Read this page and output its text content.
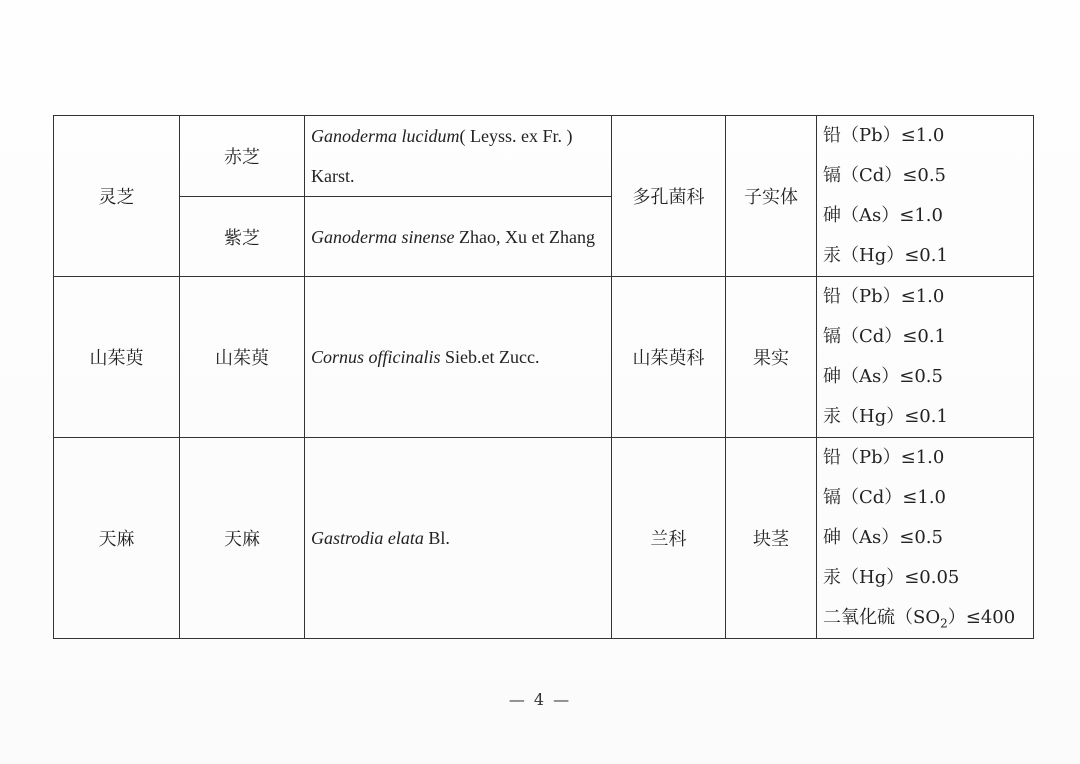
灵芝	赤芝	Ganoderma lucidum( Leyss. ex Fr. ) Karst.	多孔菌科	子实体	铅（Pb）≤1.0
镉（Cd）≤0.5
砷（As）≤1.0
汞（Hg）≤0.1

	紫芝	Ganoderma sinense Zhao, Xu et Zhang			
山茱萸	山茱萸	Cornus officinalis Sieb.et Zucc.	山茱萸科	果实	铅（Pb）≤1.0
镉（Cd）≤0.1
砷（As）≤0.5
汞（Hg）≤0.1

天麻	天麻	Gastrodia elata Bl.	兰科	块茎	铅（Pb）≤1.0
镉（Cd）≤1.0
砷（As）≤0.5
汞（Hg）≤0.05
二氧化硫$(SO_2)\le 400$
— 4 —
